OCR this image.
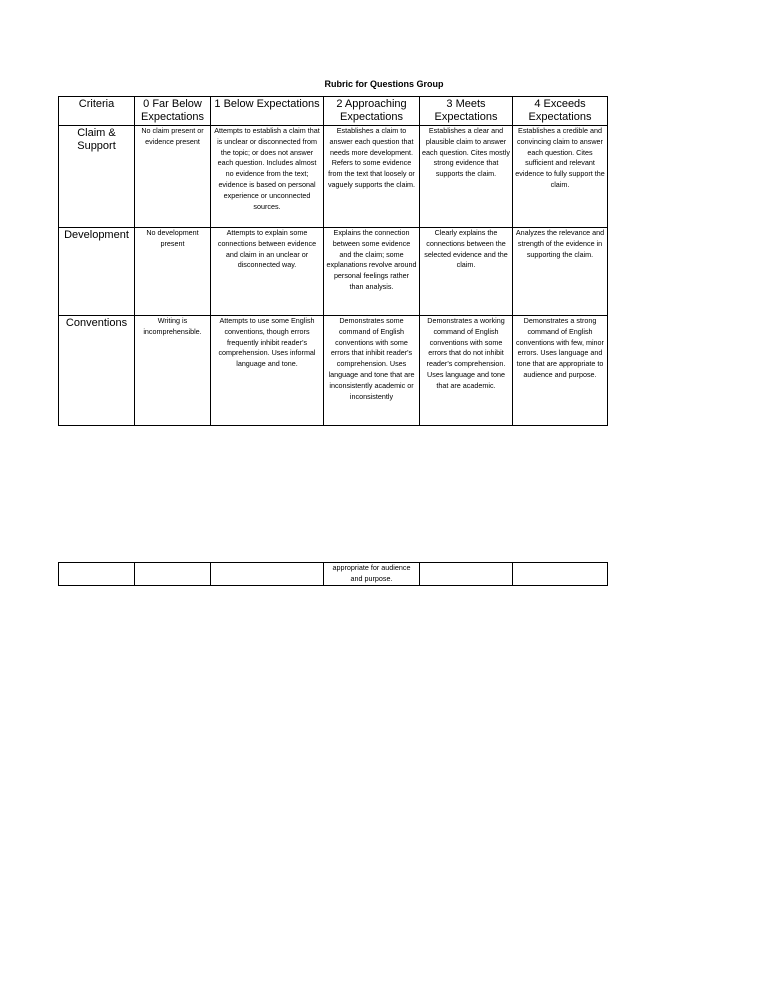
Rubric for Questions Group
Criteria	0 Far Below Expectations	1 Below Expectations	2 Approaching Expectations	3 Meets Expectations	4 Exceeds Expectations
Claim & Support	No claim present or evidence present	Attempts to establish a claim that is unclear or disconnected from the topic; or does not answer each question. Includes almost no evidence from the text; evidence is based on personal experience or unconnected sources.	Establishes a claim to answer each question that needs more development. Refers to some evidence from the text that loosely or vaguely supports the claim.	Establishes a clear and plausible claim to answer each question. Cites mostly strong evidence that supports the claim.	Establishes a credible and convincing claim to answer each question. Cites sufficient and relevant evidence to fully support the claim.
Development	No development present	Attempts to explain some connections between evidence and claim in an unclear or disconnected way.	Explains the connection between some evidence and the claim; some explanations revolve around personal feelings rather than analysis.	Clearly explains the connections between the selected evidence and the claim.	Analyzes the relevance and strength of the evidence in supporting the claim.
Conventions	Writing is incomprehensible.	Attempts to use some English conventions, though errors frequently inhibit reader's comprehension. Uses informal language and tone.	Demonstrates some command of English conventions with some errors that inhibit reader's comprehension. Uses language and tone that are inconsistently academic or inconsistently	Demonstrates a working command of English conventions with some errors that do not inhibit reader's comprehension. Uses language and tone that are academic.	Demonstrates a strong command of English conventions with few, minor errors. Uses language and tone that are appropriate to audience and purpose.
			appropriate for audience and purpose.		
